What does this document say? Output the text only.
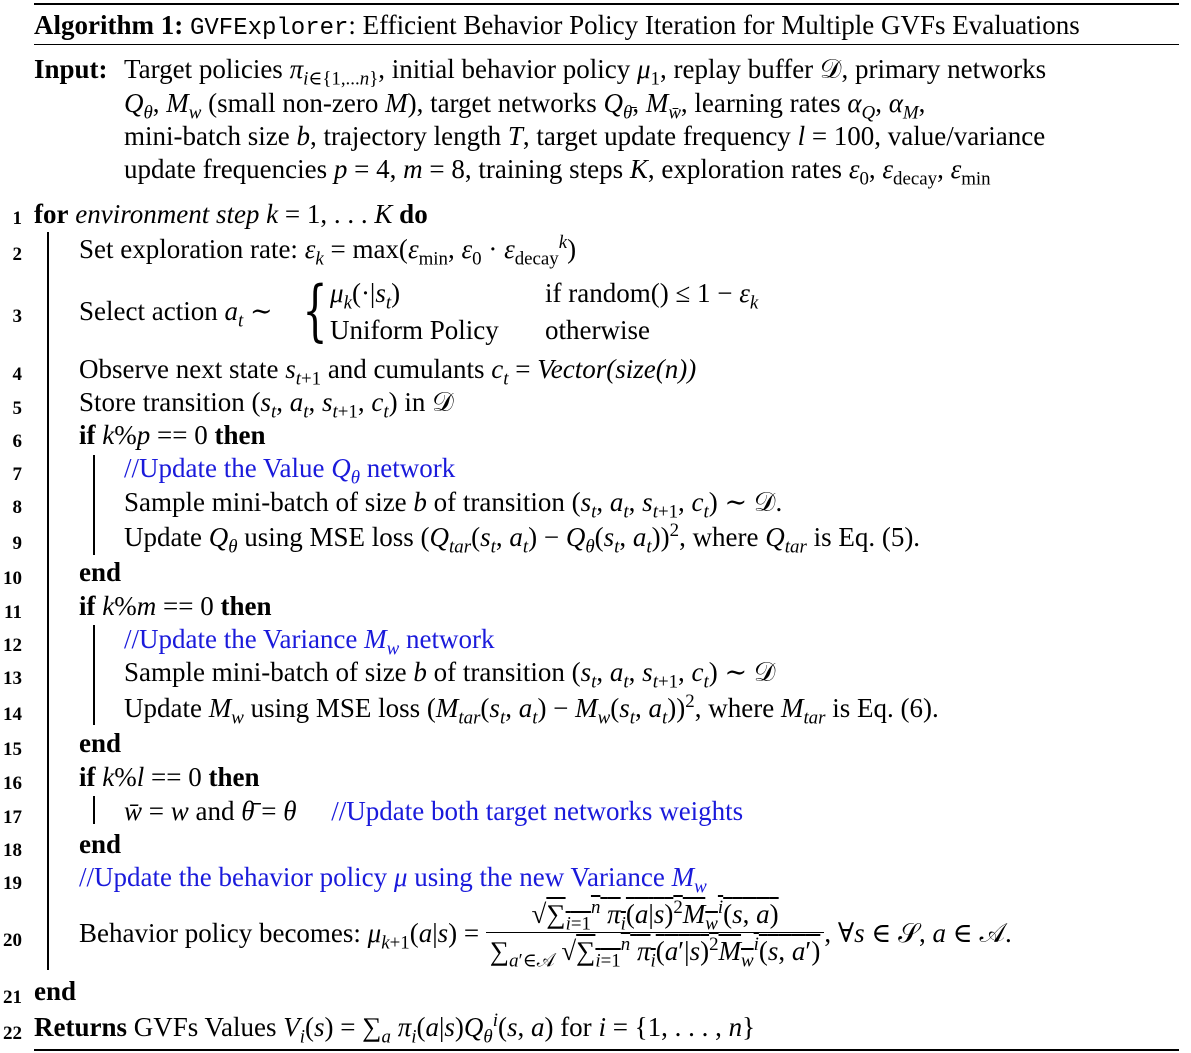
Algorithm 1: GVFExplorer: Efficient Behavior Policy Iteration for Multiple GVFs Evaluations
Input: Target policies $\pi_{i\in\{1,...n\}}$, initial behavior policy $\mu_1$, replay buffer 𝒟, primary networks
$Q_\theta$, $M_w$ (small non-zero M), target networks $Q_{\thetā}$, $M_{w̄}$, learning rates $\alpha_Q$, $\alpha_M$,
mini-batch size b, trajectory length T, target update frequency l = 100, value/variance
update frequencies p = 4, m = 8, training steps K, exploration rates $\varepsilon_0$, $\varepsilon_{decay}$, $\varepsilon_{min}$
1 for environment step k = 1, . . . K do
2 Set exploration rate: $\varepsilon_k = \max(\varepsilon_{min}$, $\varepsilon_0 \cdot \varepsilon_{decay}^k$)
3 Select action $a_t$ ∼ { $\mu_k(\cdot|s_t)$	if random() ≤ $1 - \varepsilon_k$
Uniform Policy otherwise
4 Observe next state $s_{t+1}$ and cumulants $c_t$ = Vector(size(n))
5 Store transition ($s_t$, $a_t$, $s_{t+1}$, $c_t$) in 𝒟
6 if k%p == 0 then
7	//Update the Value $Q_\theta$ network
8	Sample mini-batch of size b of transition ($s_t$, $a_t$, $s_{t+1}$, $c_t$) ∼ 𝒟.
9	Update $Q_\theta$ using MSE loss ($Q_{tar}(s_t$, $a_t) - Q_\theta(s_t$, $a_t))^2$, where $Q_{tar}$ is Eq. (5).
10 end
11 if k%m == 0 then
12	//Update the Variance $M_w$ network
13	Sample mini-batch of size b of transition ($s_t$, $a_t$, $s_{t+1}$, $c_t$) ∼ 𝒟
14	Update $M_w$ using MSE loss ($M_{tar}(s_t$, $a_t) - M_w(s_t$, $a_t))^2$, where $M_{tar}$ is Eq. (6).
15 end
16 if k%l == 0 then
17	w̄ = w and θ̄ = θ //Update both target networks weights
18 end
19 //Update the behavior policy μ using the new Variance $M_w$
20 Behavior policy becomes: $\mu_{k+1}(a|s) = \frac{√\sum_{i=1}^n \pi_i(a|s)^2M_w^i(s, a)}{\sum_{a'\in 𝒜} √\sum_{i=1}^n \pi_i(a'|s)^2M_w^i(s, a')}$ , ∀s ∈ 𝒮, a ∈ 𝒜.
21 end
22 Returns GVFs Values $V_i(s) = \sum_a$ $\pi_i(a|s)Q_\theta^i(s$, a) for i = {1, . . . , n}
